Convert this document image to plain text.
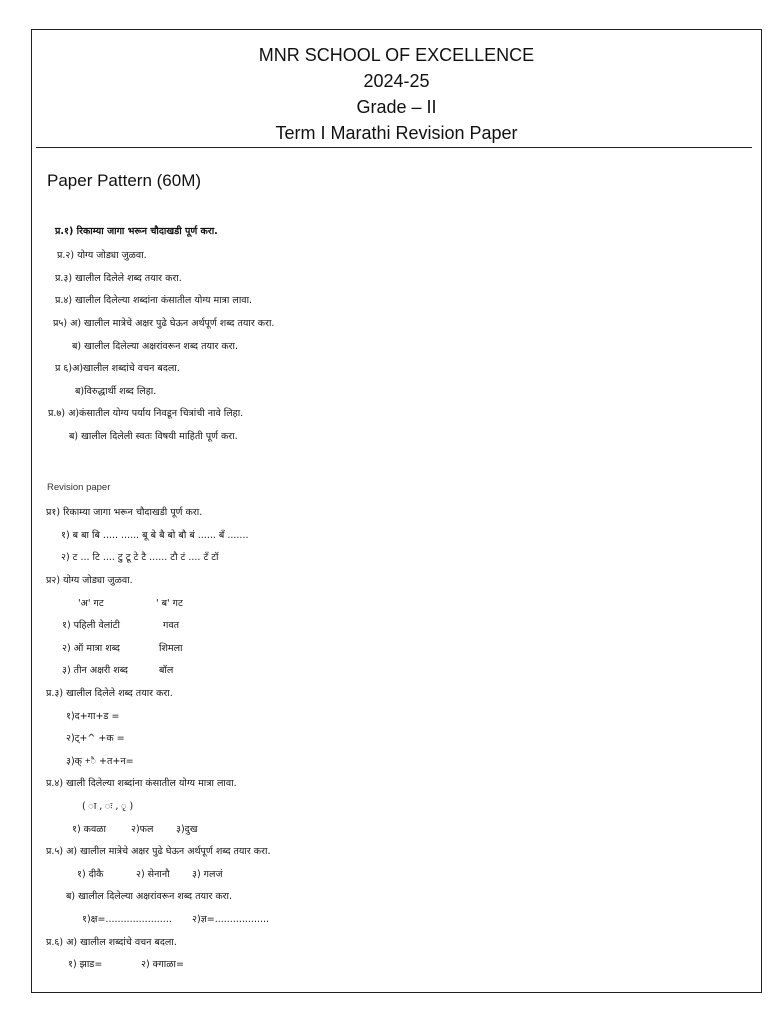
MNR SCHOOL OF EXCELLENCE
2024-25
Grade – II
Term I Marathi Revision Paper
Paper Pattern (60M)
प्र.१) रिकाम्या जागा भरून चौदाखडी पूर्ण करा.
प्र.२) योग्य जोड्या जुळवा.
प्र.३) खालील दिलेले शब्द तयार करा.
प्र.४) खालील दिलेल्या शब्दांना कंसातील योग्य मात्रा लावा.
प्र५) अ) खालील मात्रेचे अक्षर पुढे घेऊन अर्थपूर्ण शब्द तयार करा.
ब) खालील दिलेल्या अक्षरांवरून शब्द तयार करा.
प्र ६)अ)खालील शब्दांचे वचन बदला.
ब)विरुद्धार्थी शब्द लिहा.
प्र.७) अ)कंसातील योग्य पर्याय निवडून चित्रांची नावे लिहा.
ब) खालील दिलेली स्वतः विषयी माहिती पूर्ण करा.
Revision paper
प्र१) रिकाम्या जागा भरून चौदाखडी पूर्ण करा.
१) ब बा बि ..... ...... बू बे बै बो बौ बं ...... बँ .......
२) ट ... टि .... टु टू टे टै ...... टौ टं .... टँ टॉ
प्र२) योग्य जोड्या जुळवा.
'अ' गट	' ब' गट
१) पहिली वेलांटी	गवत
२) ऑ मात्रा शब्द	शिमला
३) तीन अक्षरी शब्द	बॉल
प्र.३) खालील दिलेले शब्द तयार करा.
१)द+गा+ड =
२)ट्+^ +क =
३)क् +ै +त+न=
प्र.४) खाली दिलेल्या शब्दांना कंसातील योग्य मात्रा लावा.
( ा , ः , ृ )
१) कवळा	२)फल ३)दुख
प्र.५) अ) खालील मात्रेचे अक्षर पुढे घेऊन अर्थपूर्ण शब्द तयार करा.
१) दीकै	२) सेनानौ ३) गलजं
ब) खालील दिलेल्या अक्षरांवरून शब्द तयार करा.
१)क्ष=...................... २)ज्ञ=..................
प्र.६) अ) खालील शब्दांचे वचन बदला.
१) झाड=	२) क्गाळा=
